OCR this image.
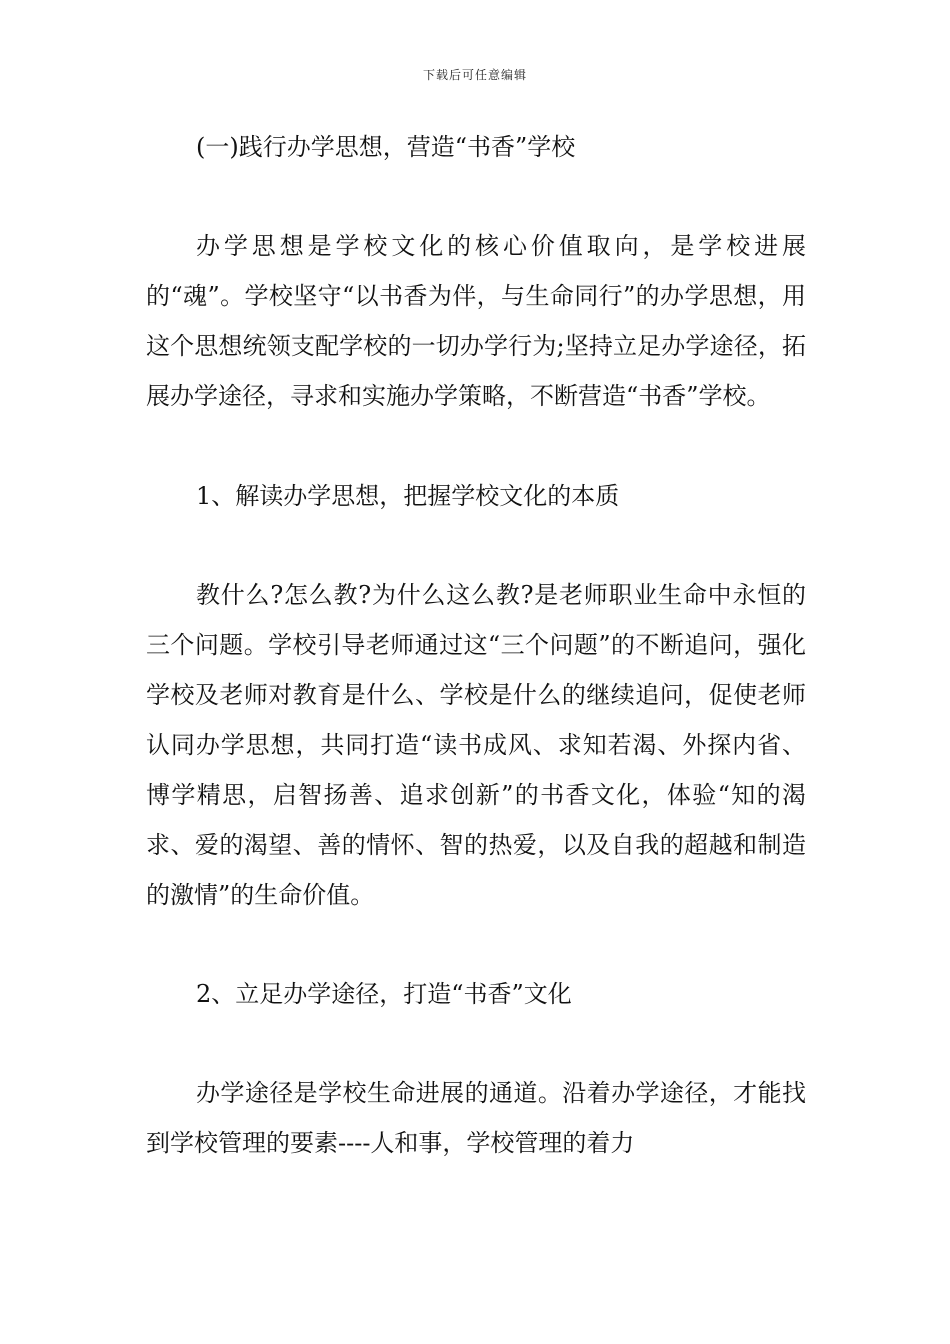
下载后可任意编辑

(一)践行办学思想，营造“书香”学校

办学思想是学校文化的核心价值取向，是学校进展的“魂”。学校坚守“以书香为伴，与生命同行”的办学思想，用这个思想统领支配学校的一切办学行为;坚持立足办学途径，拓展办学途径，寻求和实施办学策略，不断营造“书香”学校。

1、解读办学思想，把握学校文化的本质

教什么?怎么教?为什么这么教?是老师职业生命中永恒的三个问题。学校引导老师通过这“三个问题”的不断追问，强化学校及老师对教育是什么、学校是什么的继续追问，促使老师认同办学思想，共同打造“读书成风、求知若渴、外探内省、博学精思，启智扬善、追求创新”的书香文化，体验“知的渴求、爱的渴望、善的情怀、智的热爱，以及自我的超越和制造的激情”的生命价值。

2、立足办学途径，打造“书香”文化

办学途径是学校生命进展的通道。沿着办学途径，才能找到学校管理的要素----人和事，学校管理的着力
